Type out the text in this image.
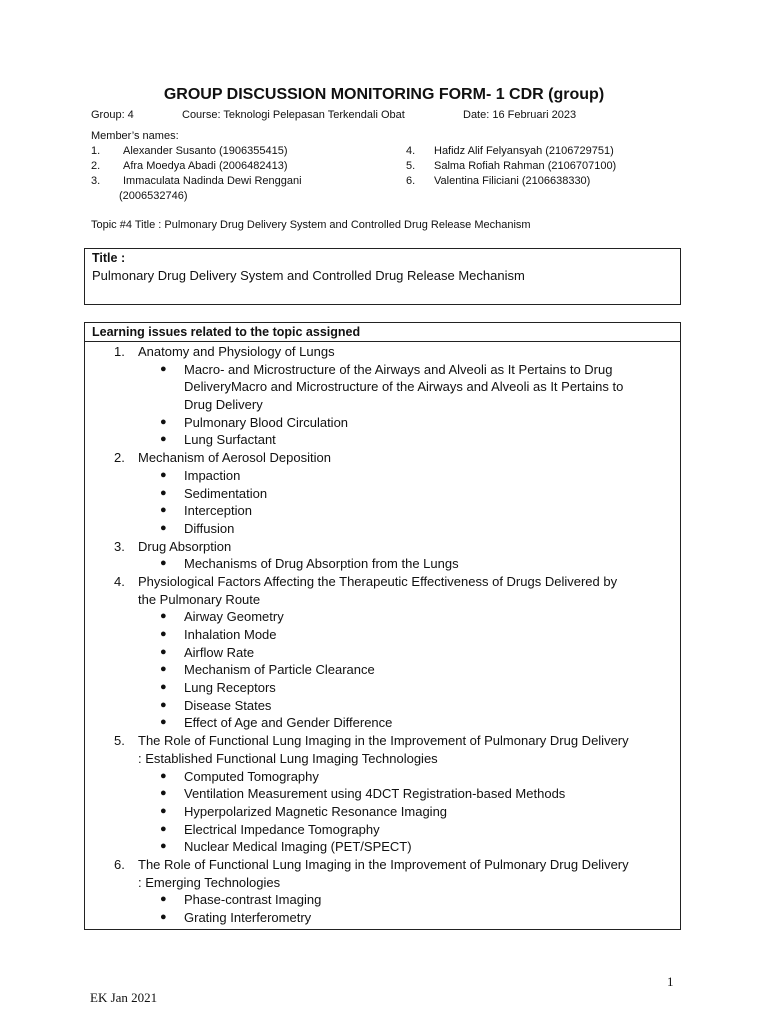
GROUP DISCUSSION MONITORING FORM- 1 CDR (group)
Group: 4	Course: Teknologi Pelepasan Terkendali Obat	Date: 16 Februari 2023
Member’s names:
1. Alexander Susanto (1906355415)
2. Afra Moedya Abadi (2006482413)
3. Immaculata Nadinda Dewi Renggani
(2006532746)
4. Hafidz Alif Felyansyah (2106729751)
5. Salma Rofiah Rahman (2106707100)
6. Valentina Filiciani (2106638330)
Topic #4 Title : Pulmonary Drug Delivery System and Controlled Drug Release Mechanism
Title :
Pulmonary Drug Delivery System and Controlled Drug Release Mechanism
Learning issues related to the topic assigned
1. Anatomy and Physiology of Lungs
● Macro- and Microstructure of the Airways and Alveoli as It Pertains to Drug
DeliveryMacro and Microstructure of the Airways and Alveoli as It Pertains to
Drug Delivery
● Pulmonary Blood Circulation
● Lung Surfactant
2. Mechanism of Aerosol Deposition
● Impaction
● Sedimentation
● Interception
● Diffusion
3. Drug Absorption
● Mechanisms of Drug Absorption from the Lungs
4. Physiological Factors Affecting the Therapeutic Effectiveness of Drugs Delivered by
the Pulmonary Route
● Airway Geometry
● Inhalation Mode
● Airflow Rate
● Mechanism of Particle Clearance
● Lung Receptors
● Disease States
● Effect of Age and Gender Difference
5. The Role of Functional Lung Imaging in the Improvement of Pulmonary Drug Delivery
: Established Functional Lung Imaging Technologies
● Computed Tomography
● Ventilation Measurement using 4DCT Registration-based Methods
● Hyperpolarized Magnetic Resonance Imaging
● Electrical Impedance Tomography
● Nuclear Medical Imaging (PET/SPECT)
6. The Role of Functional Lung Imaging in the Improvement of Pulmonary Drug Delivery
: Emerging Technologies
● Phase-contrast Imaging
● Grating Interferometry
1
EK Jan 2021
